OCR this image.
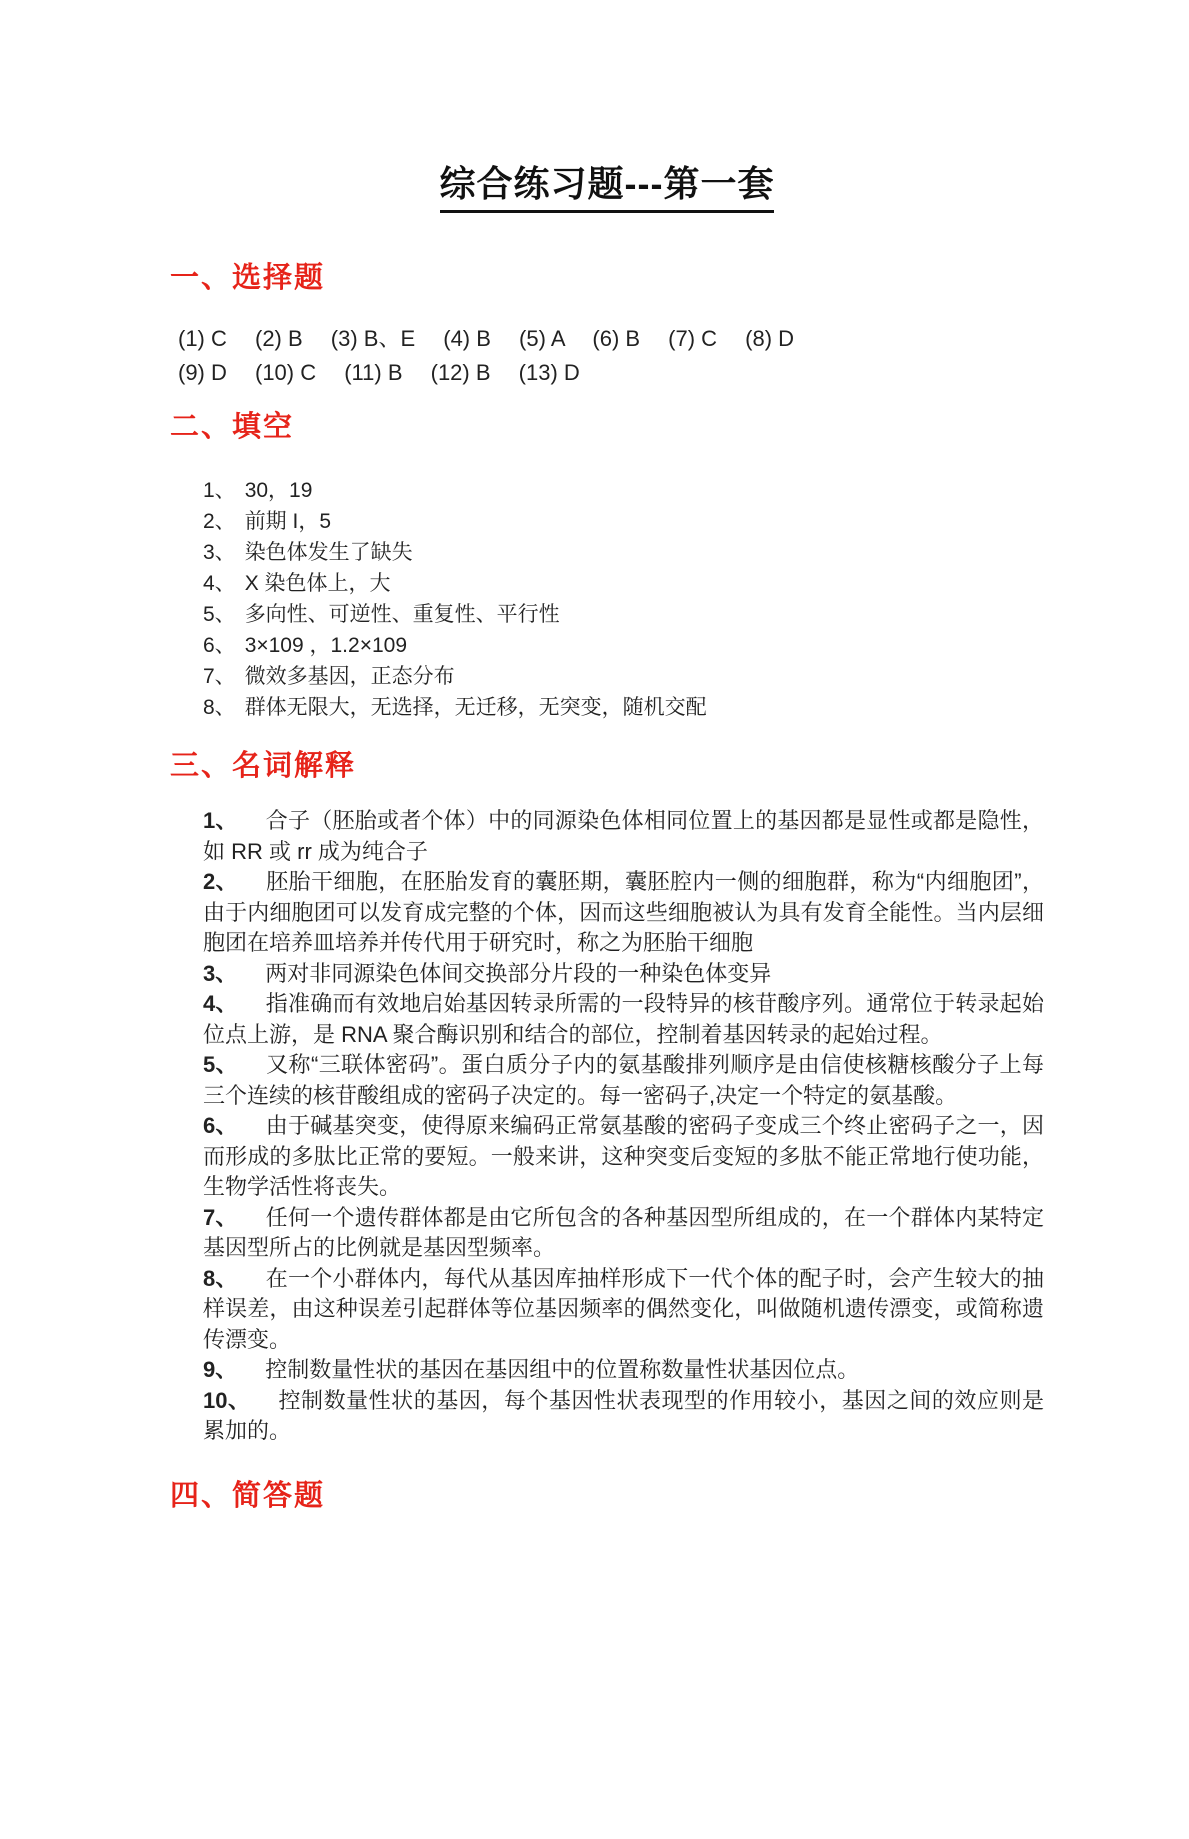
综合练习题---第一套
一、选择题

(1) C　 (2) B　 (3) B、E　 (4) B　 (5) A　 (6) B　 (7) C　 (8) D

(9) D　 (10) C　 (11) B　 (12) B　 (13) D

二、填空

1、 30，19

2、 前期 I，5

3、 染色体发生了缺失

4、 X 染色体上，大

5、 多向性、可逆性、重复性、平行性

6、 3×109 ，1.2×109

7、 微效多基因，正态分布

8、 群体无限大，无选择，无迁移，无突变，随机交配

三、名词解释

1、 合子（胚胎或者个体）中的同源染色体相同位置上的基因都是显性或都是隐性，如 RR 或 rr 成为纯合子

2、 胚胎干细胞，在胚胎发育的囊胚期，囊胚腔内一侧的细胞群，称为“内细胞团”，由于内细胞团可以发育成完整的个体，因而这些细胞被认为具有发育全能性。当内层细胞团在培养皿培养并传代用于研究时，称之为胚胎干细胞

3、 两对非同源染色体间交换部分片段的一种染色体变异

4、 指准确而有效地启始基因转录所需的一段特异的核苷酸序列。通常位于转录起始位点上游，是 RNA 聚合酶识别和结合的部位，控制着基因转录的起始过程。

5、 又称“三联体密码”。蛋白质分子内的氨基酸排列顺序是由信使核糖核酸分子上每三个连续的核苷酸组成的密码子决定的。每一密码子,决定一个特定的氨基酸。

6、 由于碱基突变，使得原来编码正常氨基酸的密码子变成三个终止密码子之一，因而形成的多肽比正常的要短。一般来讲，这种突变后变短的多肽不能正常地行使功能，生物学活性将丧失。

7、 任何一个遗传群体都是由它所包含的各种基因型所组成的，在一个群体内某特定基因型所占的比例就是基因型频率。

8、 在一个小群体内，每代从基因库抽样形成下一代个体的配子时，会产生较大的抽样误差，由这种误差引起群体等位基因频率的偶然变化，叫做随机遗传漂变，或简称遗传漂变。

9、 控制数量性状的基因在基因组中的位置称数量性状基因位点。

10、 控制数量性状的基因，每个基因性状表现型的作用较小，基因之间的效应则是累加的。

四、简答题
